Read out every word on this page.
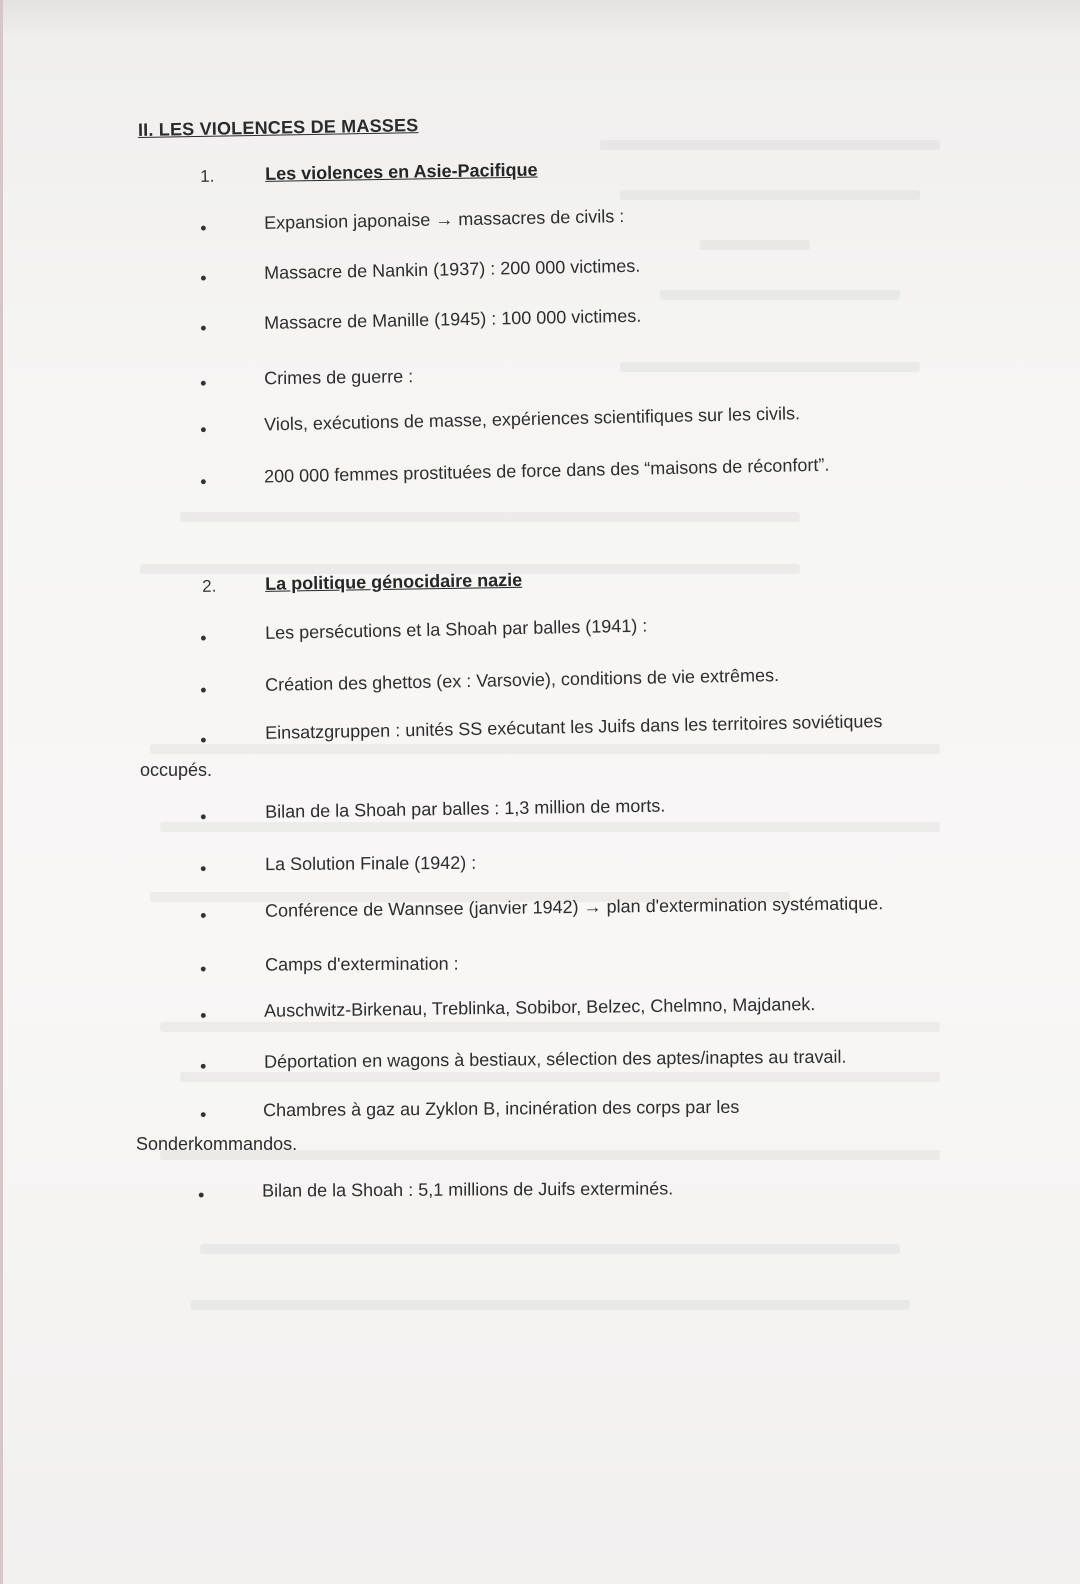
II. LES VIOLENCES DE MASSES
1.	Les violences en Asie-Pacifique
•	Expansion japonaise → massacres de civils :
•	Massacre de Nankin (1937) : 200 000 victimes.
•	Massacre de Manille (1945) : 100 000 victimes.
•	Crimes de guerre :
•	Viols, exécutions de masse, expériences scientifiques sur les civils.
•	200 000 femmes prostituées de force dans des “maisons de réconfort”.
2.	La politique génocidaire nazie
•	Les persécutions et la Shoah par balles (1941) :
•	Création des ghettos (ex : Varsovie), conditions de vie extrêmes.
•	Einsatzgruppen : unités SS exécutant les Juifs dans les territoires soviétiques
occupés.
•	Bilan de la Shoah par balles : 1,3 million de morts.
•	La Solution Finale (1942) :
•	Conférence de Wannsee (janvier 1942) → plan d'extermination systématique.
•	Camps d'extermination :
•	Auschwitz-Birkenau, Treblinka, Sobibor, Belzec, Chelmno, Majdanek.
•	Déportation en wagons à bestiaux, sélection des aptes/inaptes au travail.
•	Chambres à gaz au Zyklon B, incinération des corps par les
Sonderkommandos.
•	Bilan de la Shoah : 5,1 millions de Juifs exterminés.
